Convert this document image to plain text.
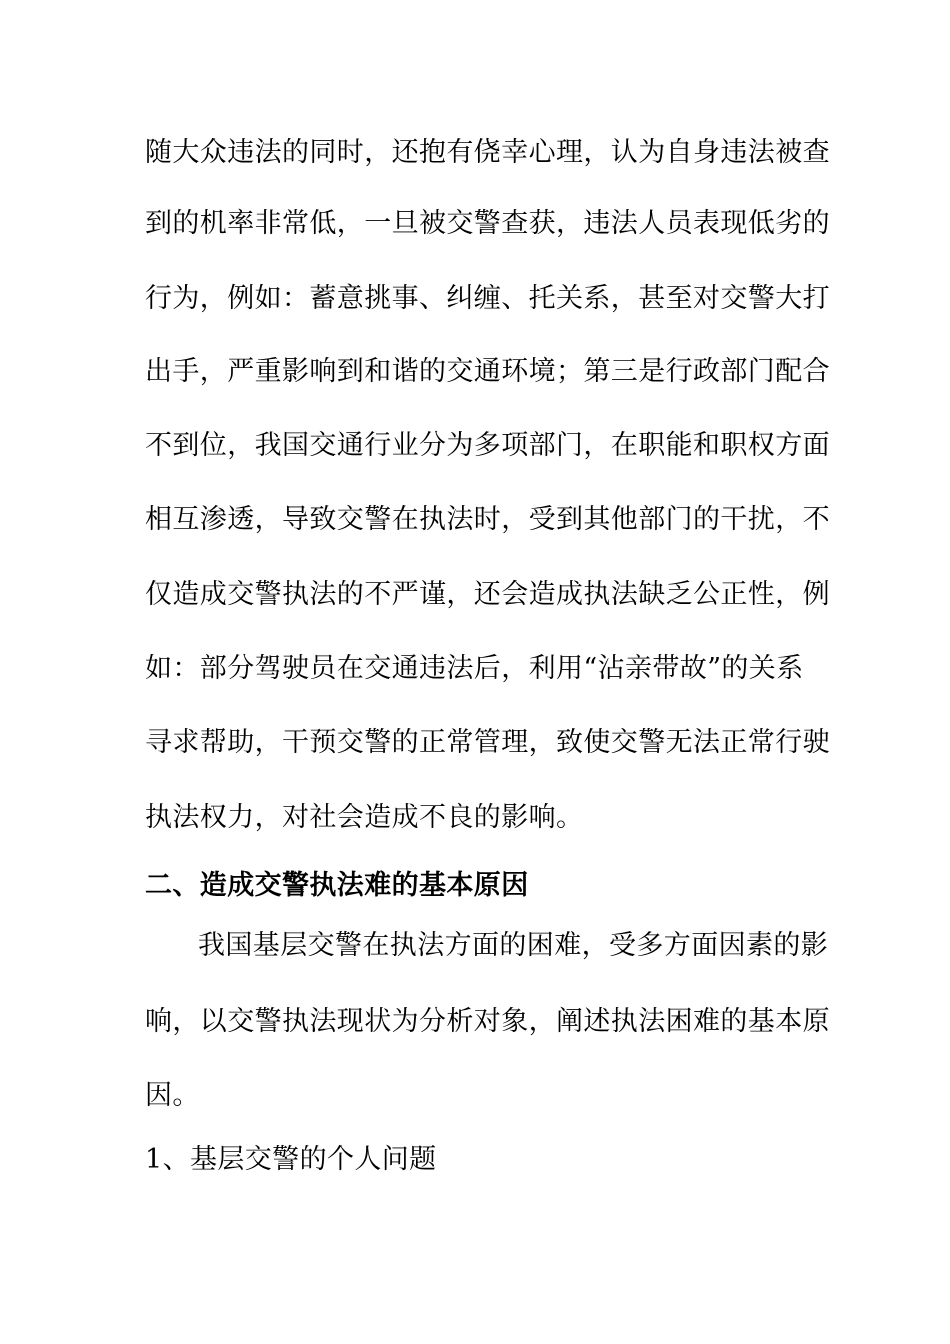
随大众违法的同时，还抱有侥幸心理，认为自身违法被查
到的机率非常低，一旦被交警查获，违法人员表现低劣的
行为，例如：蓄意挑事、纠缠、托关系，甚至对交警大打
出手，严重影响到和谐的交通环境；第三是行政部门配合
不到位，我国交通行业分为多项部门，在职能和职权方面
相互渗透，导致交警在执法时，受到其他部门的干扰，不
仅造成交警执法的不严谨，还会造成执法缺乏公正性，例
如：部分驾驶员在交通违法后，利用“沾亲带故”的关系
寻求帮助，干预交警的正常管理，致使交警无法正常行驶
执法权力，对社会造成不良的影响。
二、造成交警执法难的基本原因
我国基层交警在执法方面的困难，受多方面因素的影
响，以交警执法现状为分析对象，阐述执法困难的基本原
因。
1、基层交警的个人问题
